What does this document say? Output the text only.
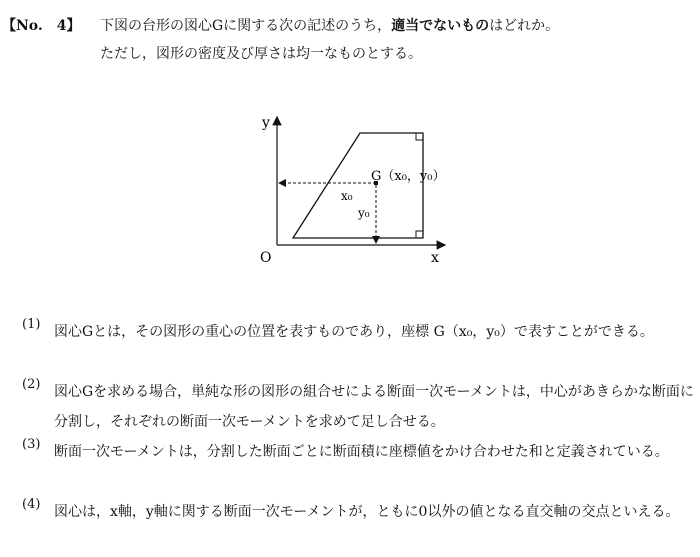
【No.　4】 下図の台形の図心Gに関する次の記述のうち，適当でないものはどれか。
ただし，図形の密度及び厚さは均一なものとする。
y
x
O
G（x₀，y₀）
x₀
y₀
(1) 図心Gとは，その図形の重心の位置を表すものであり，座標 G（x₀，y₀）で表すことができる。
(2) 図心Gを求める場合，単純な形の図形の組合せによる断面一次モーメントは，中心があきらかな断面に分割し，それぞれの断面一次モーメントを求めて足し合せる。
(3) 断面一次モーメントは，分割した断面ごとに断面積に座標値をかけ合わせた和と定義されている。
(4) 図心は，x軸，y軸に関する断面一次モーメントが，ともに0以外の値となる直交軸の交点といえる。
